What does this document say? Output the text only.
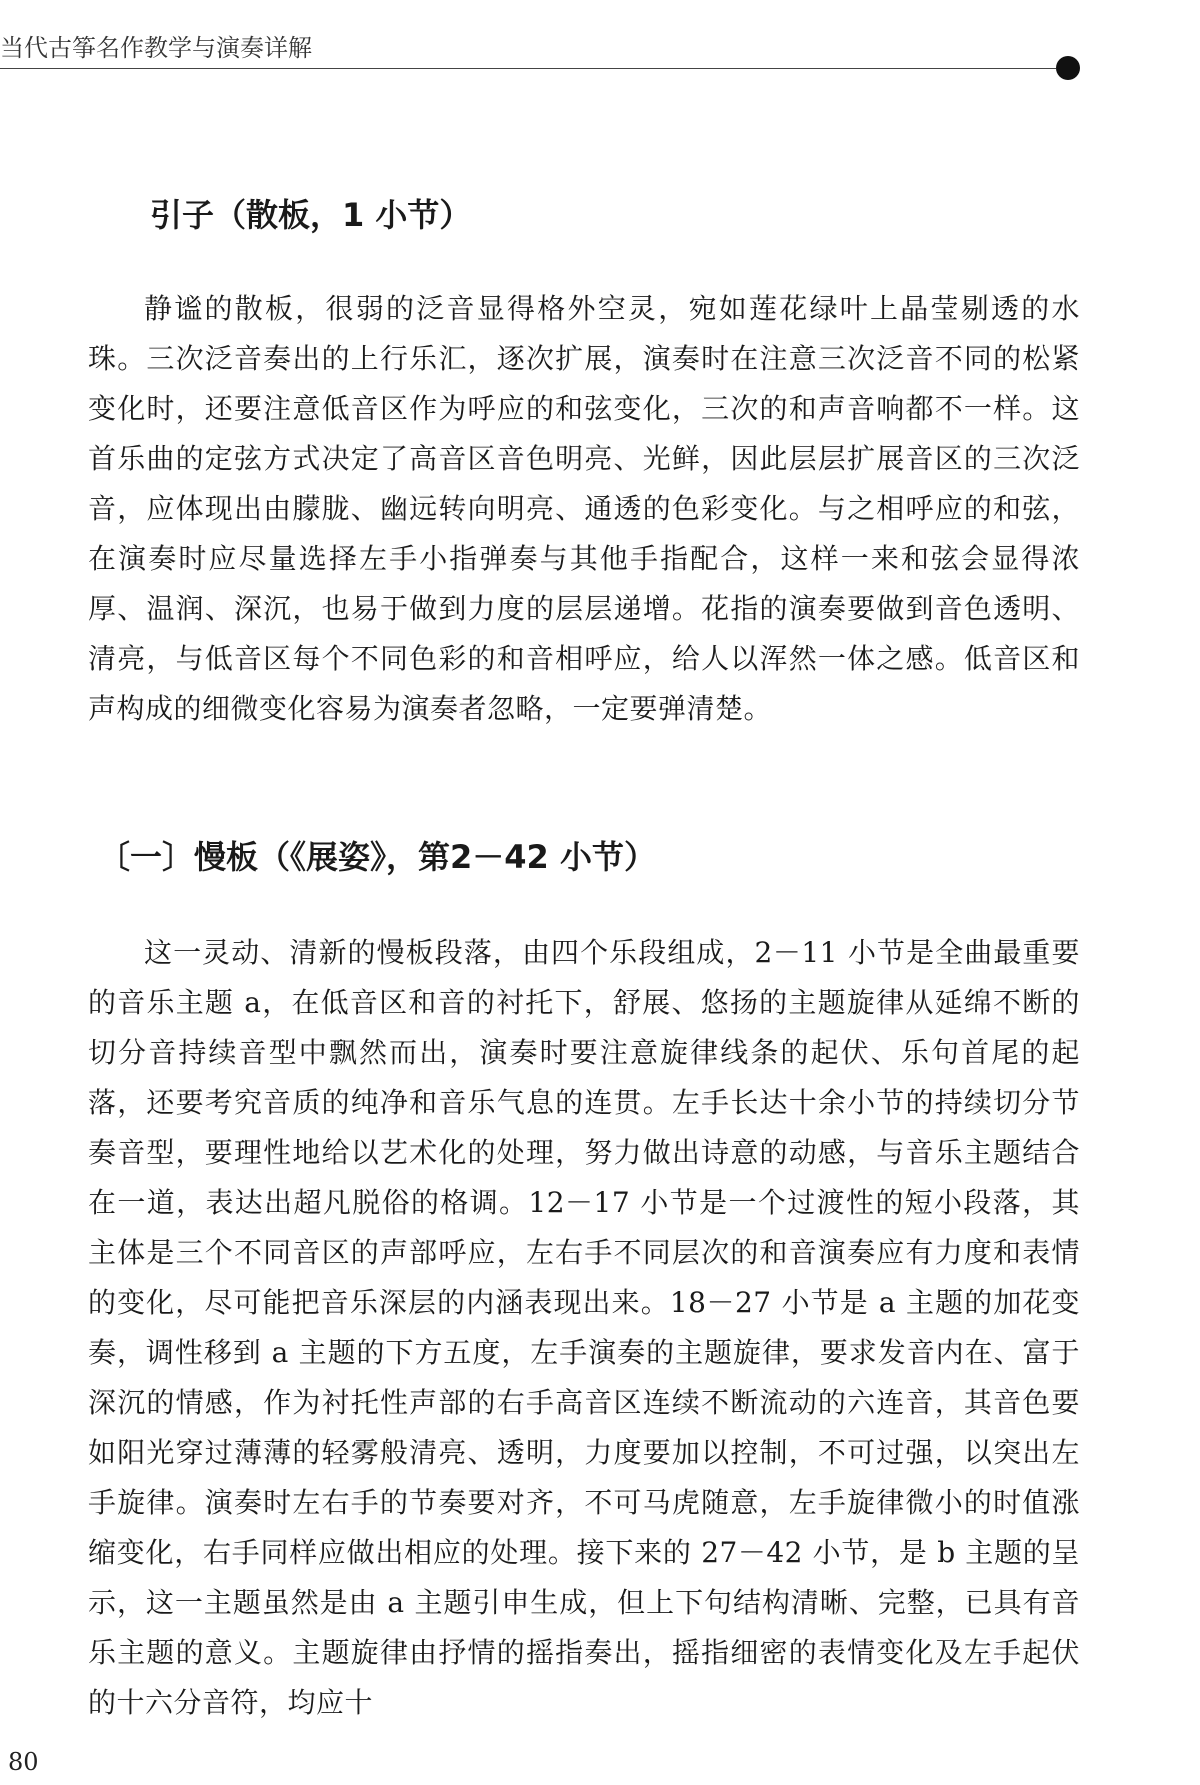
当代古筝名作教学与演奏详解
引子（散板，1 小节）

静谧的散板，很弱的泛音显得格外空灵，宛如莲花绿叶上晶莹剔透的水珠。三次泛音奏出的上行乐汇，逐次扩展，演奏时在注意三次泛音不同的松紧变化时，还要注意低音区作为呼应的和弦变化，三次的和声音响都不一样。这首乐曲的定弦方式决定了高音区音色明亮、光鲜，因此层层扩展音区的三次泛音，应体现出由朦胧、幽远转向明亮、通透的色彩变化。与之相呼应的和弦，在演奏时应尽量选择左手小指弹奏与其他手指配合，这样一来和弦会显得浓厚、温润、深沉，也易于做到力度的层层递增。花指的演奏要做到音色透明、清亮，与低音区每个不同色彩的和音相呼应，给人以浑然一体之感。低音区和声构成的细微变化容易为演奏者忽略，一定要弹清楚。

〔一〕慢板（《展姿》，第2－42 小节）

这一灵动、清新的慢板段落，由四个乐段组成，2－11 小节是全曲最重要的音乐主题 a，在低音区和音的衬托下，舒展、悠扬的主题旋律从延绵不断的切分音持续音型中飘然而出，演奏时要注意旋律线条的起伏、乐句首尾的起落，还要考究音质的纯净和音乐气息的连贯。左手长达十余小节的持续切分节奏音型，要理性地给以艺术化的处理，努力做出诗意的动感，与音乐主题结合在一道，表达出超凡脱俗的格调。12－17 小节是一个过渡性的短小段落，其主体是三个不同音区的声部呼应，左右手不同层次的和音演奏应有力度和表情的变化，尽可能把音乐深层的内涵表现出来。18－27 小节是 a 主题的加花变奏，调性移到 a 主题的下方五度，左手演奏的主题旋律，要求发音内在、富于深沉的情感，作为衬托性声部的右手高音区连续不断流动的六连音，其音色要如阳光穿过薄薄的轻雾般清亮、透明，力度要加以控制，不可过强，以突出左手旋律。演奏时左右手的节奏要对齐，不可马虎随意，左手旋律微小的时值涨缩变化，右手同样应做出相应的处理。接下来的 27－42 小节，是 b 主题的呈示，这一主题虽然是由 a 主题引申生成，但上下句结构清晰、完整，已具有音乐主题的意义。主题旋律由抒情的摇指奏出，摇指细密的表情变化及左手起伏的十六分音符，均应十

80
